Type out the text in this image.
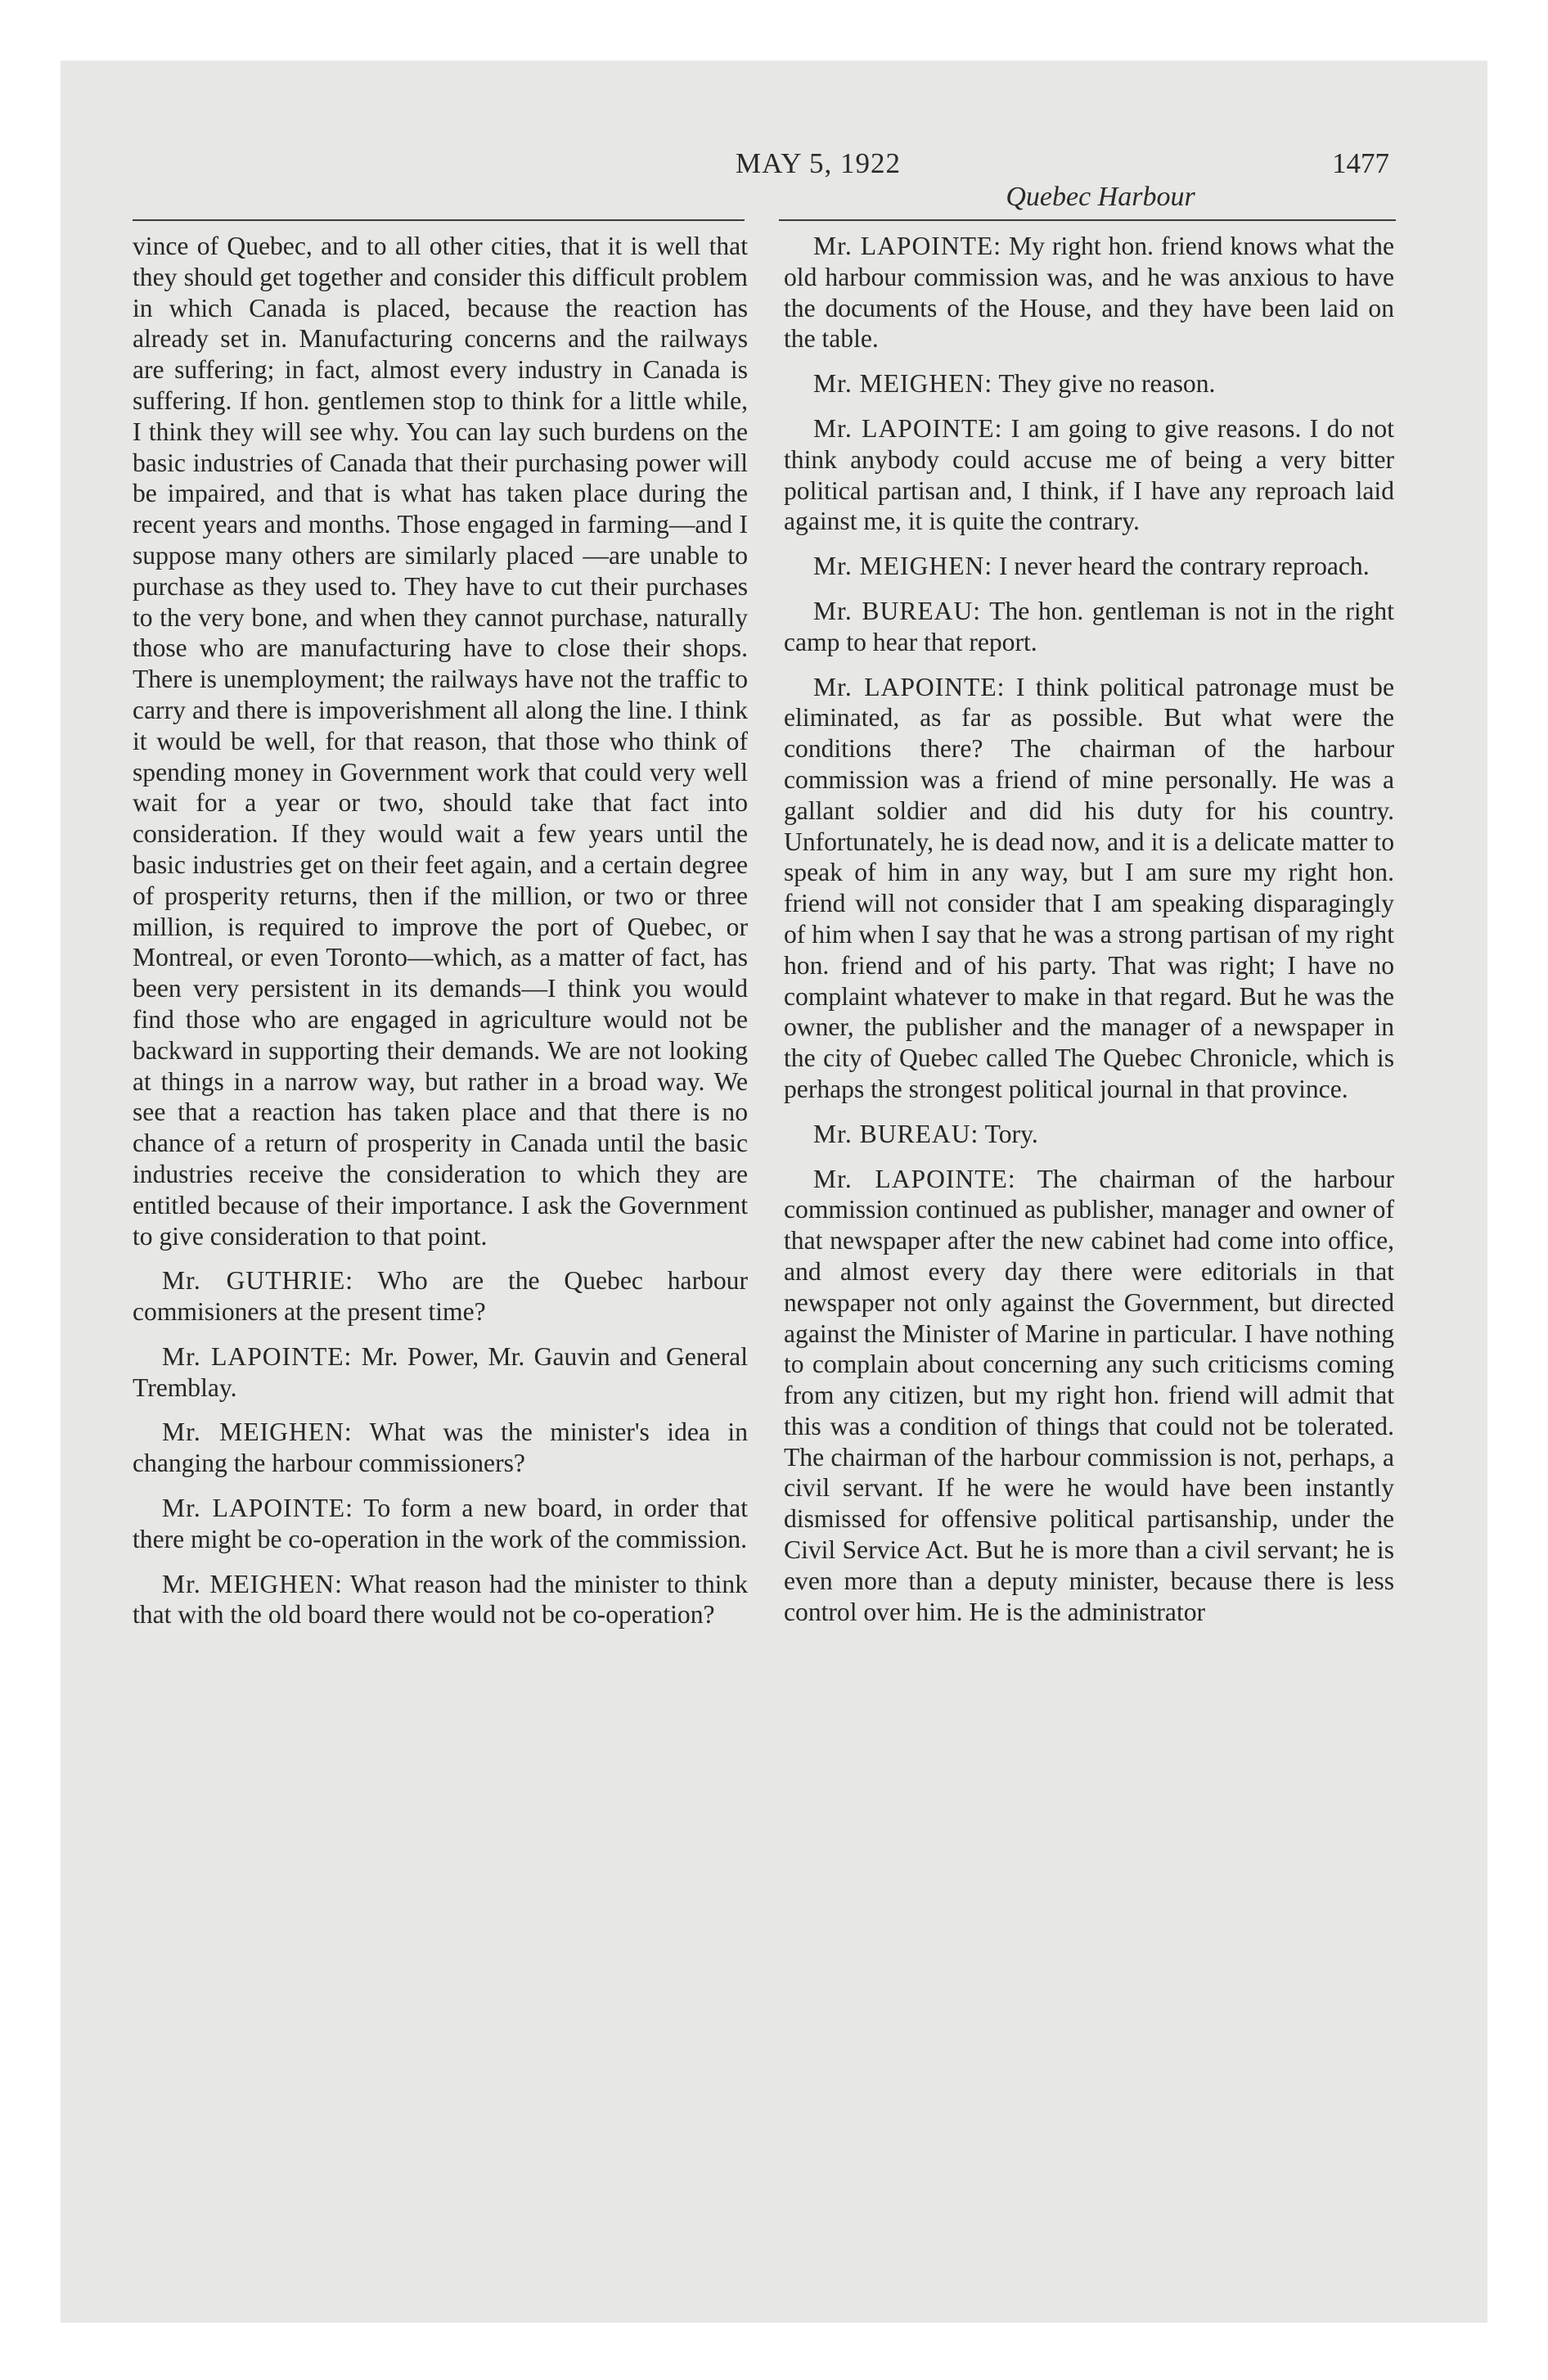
MAY 5, 1922	1477
Quebec Harbour

vince of Quebec, and to all other cities, that it is well that they should get together and consider this difficult problem in which Canada is placed, because the reaction has already set in. Manufacturing concerns and the railways are suffering; in fact, almost every industry in Canada is suffering. If hon. gentlemen stop to think for a little while, I think they will see why. You can lay such burdens on the basic industries of Canada that their purchasing power will be impaired, and that is what has taken place during the recent years and months. Those engaged in farming—and I suppose many others are similarly placed —are unable to purchase as they used to. They have to cut their purchases to the very bone, and when they cannot purchase, naturally those who are manufacturing have to close their shops. There is unemployment; the railways have not the traffic to carry and there is impoverishment all along the line. I think it would be well, for that reason, that those who think of spending money in Government work that could very well wait for a year or two, should take that fact into consideration. If they would wait a few years until the basic industries get on their feet again, and a certain degree of prosperity returns, then if the million, or two or three million, is required to improve the port of Quebec, or Montreal, or even Toronto—which, as a matter of fact, has been very persistent in its demands—I think you would find those who are engaged in agriculture would not be backward in supporting their demands. We are not looking at things in a narrow way, but rather in a broad way. We see that a reaction has taken place and that there is no chance of a return of prosperity in Canada until the basic industries receive the consideration to which they are entitled because of their importance. I ask the Government to give consideration to that point.

Mr. GUTHRIE: Who are the Quebec harbour commisioners at the present time?

Mr. LAPOINTE: Mr. Power, Mr. Gauvin and General Tremblay.

Mr. MEIGHEN: What was the minister's idea in changing the harbour commissioners?

Mr. LAPOINTE: To form a new board, in order that there might be co-operation in the work of the commission.

Mr. MEIGHEN: What reason had the minister to think that with the old board there would not be co-operation?

Mr. LAPOINTE: My right hon. friend knows what the old harbour commission was, and he was anxious to have the documents of the House, and they have been laid on the table.

Mr. MEIGHEN: They give no reason.

Mr. LAPOINTE: I am going to give reasons. I do not think anybody could accuse me of being a very bitter political partisan and, I think, if I have any reproach laid against me, it is quite the contrary.

Mr. MEIGHEN: I never heard the contrary reproach.

Mr. BUREAU: The hon. gentleman is not in the right camp to hear that report.

Mr. LAPOINTE: I think political patronage must be eliminated, as far as possible. But what were the conditions there? The chairman of the harbour commission was a friend of mine personally. He was a gallant soldier and did his duty for his country. Unfortunately, he is dead now, and it is a delicate matter to speak of him in any way, but I am sure my right hon. friend will not consider that I am speaking disparagingly of him when I say that he was a strong partisan of my right hon. friend and of his party. That was right; I have no complaint whatever to make in that regard. But he was the owner, the publisher and the manager of a newspaper in the city of Quebec called The Quebec Chronicle, which is perhaps the strongest political journal in that province.

Mr. BUREAU: Tory.

Mr. LAPOINTE: The chairman of the harbour commission continued as publisher, manager and owner of that newspaper after the new cabinet had come into office, and almost every day there were editorials in that newspaper not only against the Government, but directed against the Minister of Marine in particular. I have nothing to complain about concerning any such criticisms coming from any citizen, but my right hon. friend will admit that this was a condition of things that could not be tolerated. The chairman of the harbour commission is not, perhaps, a civil servant. If he were he would have been instantly dismissed for offensive political partisanship, under the Civil Service Act. But he is more than a civil servant; he is even more than a deputy minister, because there is less control over him. He is the administrator
